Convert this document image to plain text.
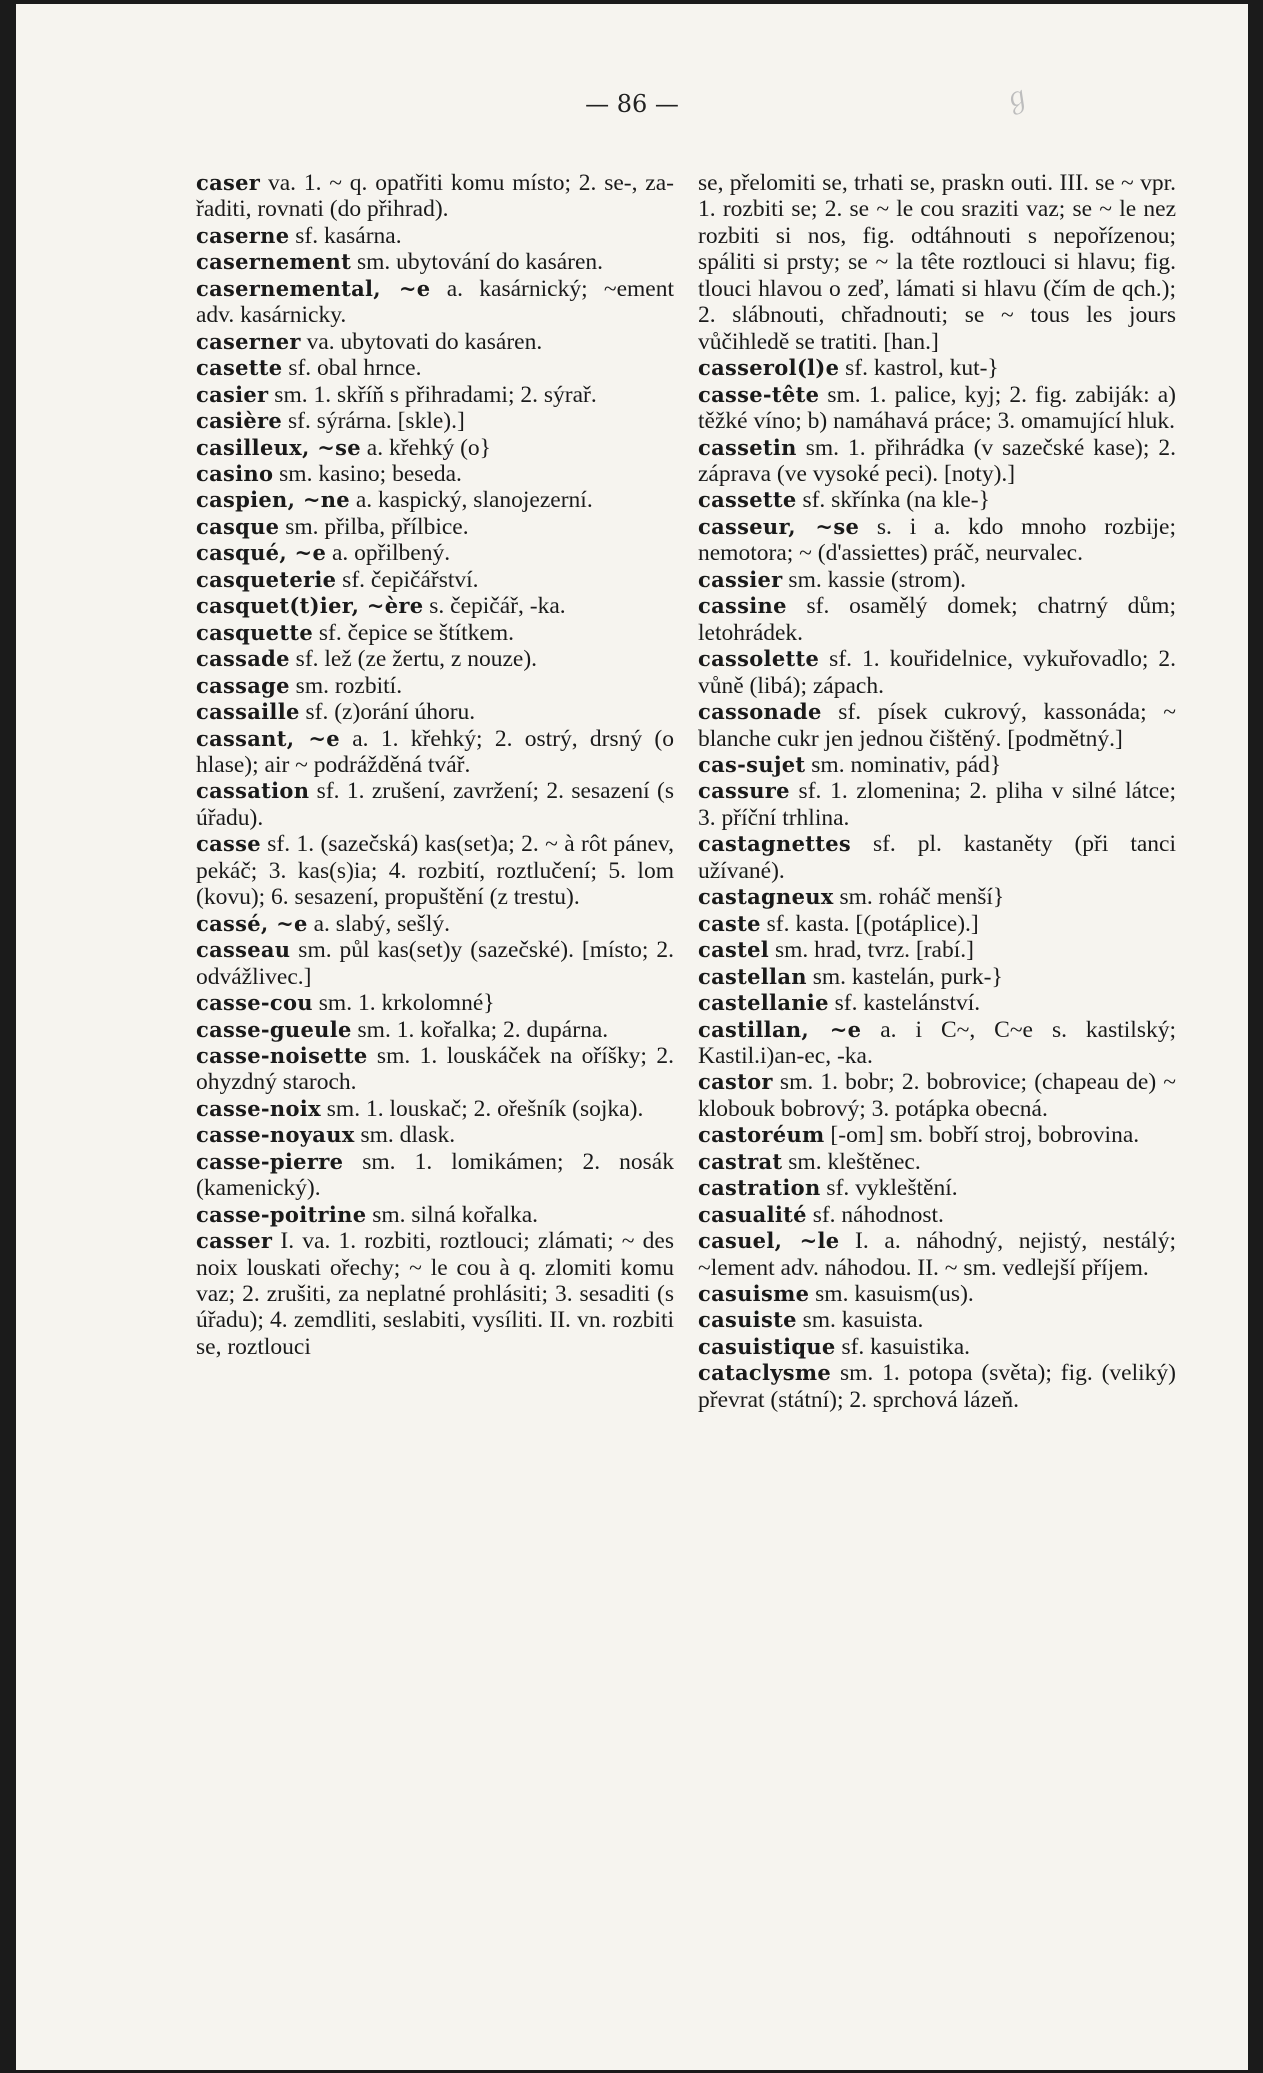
ℊ
— 86 —
caser va. 1. ~ q. opatřiti komu místo; 2. se-, za-řaditi, rovnati (do přihrad).
caserne sf. kasárna.
casernement sm. ubytování do kasáren.
casernemental, ~e a. kasárnický; ~ement adv. kasárnicky.
caserner va. ubytovati do kasáren.
casette sf. obal hrnce.
casier sm. 1. skříň s přihradami; 2. sýrař.
casière sf. sýrárna. [skle).]
casilleux, ~se a. křehký (o}
casino sm. kasino; beseda.
caspien, ~ne a. kaspický, slanojezerní.
casque sm. přilba, přílbice.
casqué, ~e a. opřilbený.
casqueterie sf. čepičářství.
casquet(t)ier, ~ère s. čepičář, -ka.
casquette sf. čepice se štítkem.
cassade sf. lež (ze žertu, z nouze).
cassage sm. rozbití.
cassaille sf. (z)orání úhoru.
cassant, ~e a. 1. křehký; 2. ostrý, drsný (o hlase); air ~ podrážděná tvář.
cassation sf. 1. zrušení, zavržení; 2. sesazení (s úřadu).
casse sf. 1. (sazečská) kas(set)a; 2. ~ à rôt pánev, pekáč; 3. kas(s)ia; 4. rozbití, roztlučení; 5. lom (kovu); 6. sesazení, propuštění (z trestu).
cassé, ~e a. slabý, sešlý.
casseau sm. půl kas(set)y (sazečské). [místo; 2. odvážlivec.]
casse-cou sm. 1. krkolomné}
casse-gueule sm. 1. kořalka; 2. dupárna.
casse-noisette sm. 1. louskáček na oříšky; 2. ohyzdný staroch.
casse-noix sm. 1. louskač; 2. ořešník (sojka).
casse-noyaux sm. dlask.
casse-pierre sm. 1. lomikámen; 2. nosák (kamenický).
casse-poitrine sm. silná kořalka.
casser I. va. 1. rozbiti, roztlouci; zlámati; ~ des noix louskati ořechy; ~ le cou à q. zlomiti komu vaz; 2. zrušiti, za neplatné prohlásiti; 3. sesaditi (s úřadu); 4. zemdliti, seslabiti, vysíliti. II. vn. rozbiti se, roztlouci
se, přelomiti se, trhati se, praskn outi. III. se ~ vpr. 1. rozbiti se; 2. se ~ le cou sraziti vaz; se ~ le nez rozbiti si nos, fig. odtáhnouti s nepořízenou; spáliti si prsty; se ~ la tête roztlouci si hlavu; fig. tlouci hlavou o zeď, lámati si hlavu (čím de qch.); 2. slábnouti, chřadnouti; se ~ tous les jours vůčihledě se tratiti. [han.]
casserol(l)e sf. kastrol, kut-}
casse-tête sm. 1. palice, kyj; 2. fig. zabiják: a) těžké víno; b) namáhavá práce; 3. omamující hluk.
cassetin sm. 1. přihrádka (v sazečské kase); 2. záprava (ve vysoké peci). [noty).]
cassette sf. skřínka (na kle-}
casseur, ~se s. i a. kdo mnoho rozbije; nemotora; ~ (d'assiettes) práč, neurvalec.
cassier sm. kassie (strom).
cassine sf. osamělý domek; chatrný dům; letohrádek.
cassolette sf. 1. kouřidelnice, vykuřovadlo; 2. vůně (libá); zápach.
cassonade sf. písek cukrový, kassonáda; ~ blanche cukr jen jednou čištěný. [podmětný.]
cas-sujet sm. nominativ, pád}
cassure sf. 1. zlomenina; 2. pliha v silné látce; 3. příční trhlina.
castagnettes sf. pl. kastaněty (při tanci užívané).
castagneux sm. roháč menší}
caste sf. kasta. [(potáplice).]
castel sm. hrad, tvrz. [rabí.]
castellan sm. kastelán, purk-}
castellanie sf. kastelánství.
castillan, ~e a. i C~, C~e s. kastilský; Kastil.i)an-ec, -ka.
castor sm. 1. bobr; 2. bobrovice; (chapeau de) ~ klobouk bobrový; 3. potápka obecná.
castoréum [-om] sm. bobří stroj, bobrovina.
castrat sm. kleštěnec.
castration sf. vykleštění.
casualité sf. náhodnost.
casuel, ~le I. a. náhodný, nejistý, nestálý; ~lement adv. náhodou. II. ~ sm. vedlejší příjem.
casuisme sm. kasuism(us).
casuiste sm. kasuista.
casuistique sf. kasuistika.
cataclysme sm. 1. potopa (světa); fig. (veliký) převrat (státní); 2. sprchová lázeň.
